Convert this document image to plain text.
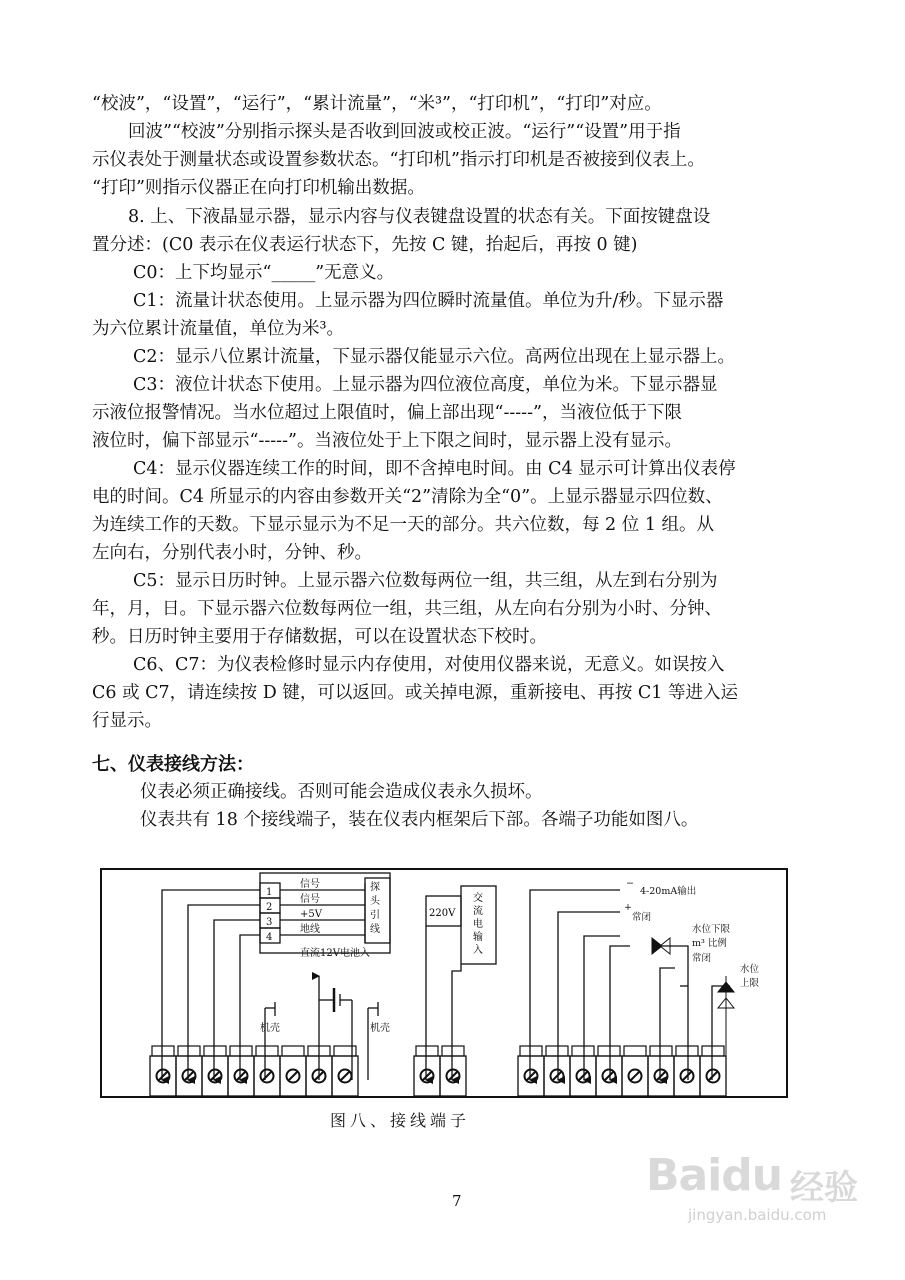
“校波”，“设置”，“运行”，“累计流量”，“米³”，“打印机”，“打印”对应。
回波”“校波”分别指示探头是否收到回波或校正波。“运行”“设置”用于指
示仪表处于测量状态或设置参数状态。“打印机”指示打印机是否被接到仪表上。
“打印”则指示仪器正在向打印机输出数据。
8. 上、下液晶显示器，显示内容与仪表键盘设置的状态有关。下面按键盘设
置分述：(C0 表示在仪表运行状态下，先按 C 键，抬起后，再按 0 键)
C0：上下均显示“_____”无意义。
C1：流量计状态使用。上显示器为四位瞬时流量值。单位为升/秒。下显示器
为六位累计流量值，单位为米³。
C2：显示八位累计流量，下显示器仅能显示六位。高两位出现在上显示器上。
C3：液位计状态下使用。上显示器为四位液位高度，单位为米。下显示器显
示液位报警情况。当水位超过上限值时，偏上部出现“-----”，当液位低于下限
液位时，偏下部显示“-----”。当液位处于上下限之间时，显示器上没有显示。
C4：显示仪器连续工作的时间，即不含掉电时间。由 C4 显示可计算出仪表停
电的时间。C4 所显示的内容由参数开关“2”清除为全“0”。上显示器显示四位数、
为连续工作的天数。下显示显示为不足一天的部分。共六位数，每 2 位 1 组。从
左向右，分别代表小时，分钟、秒。
C5：显示日历时钟。上显示器六位数每两位一组，共三组，从左到右分别为
年，月，日。下显示器六位数每两位一组，共三组，从左向右分别为小时、分钟、
秒。日历时钟主要用于存储数据，可以在设置状态下校时。
C6、C7：为仪表检修时显示内存使用，对使用仪器来说，无意义。如误按入
C6 或 C7，请连续按 D 键，可以返回。或关掉电源，重新接电、再按 C1 等进入运
行显示。
七、仪表接线方法：
仪表必须正确接线。否则可能会造成仪表永久损坏。
仪表共有 18 个接线端子，装在仪表内框架后下部。各端子功能如图八。
1
2
3
4
信号
信号
+5V
地线
探
头
引
线
直流12V电池入
机壳	机壳
220V
交
流
电
输
入
−
4-20mA输出
+
常闭
水位下限
m³ 比例
常闭
水位
上限
图八、接线端子
7	Baidu 经验
jingyan.baidu.com
